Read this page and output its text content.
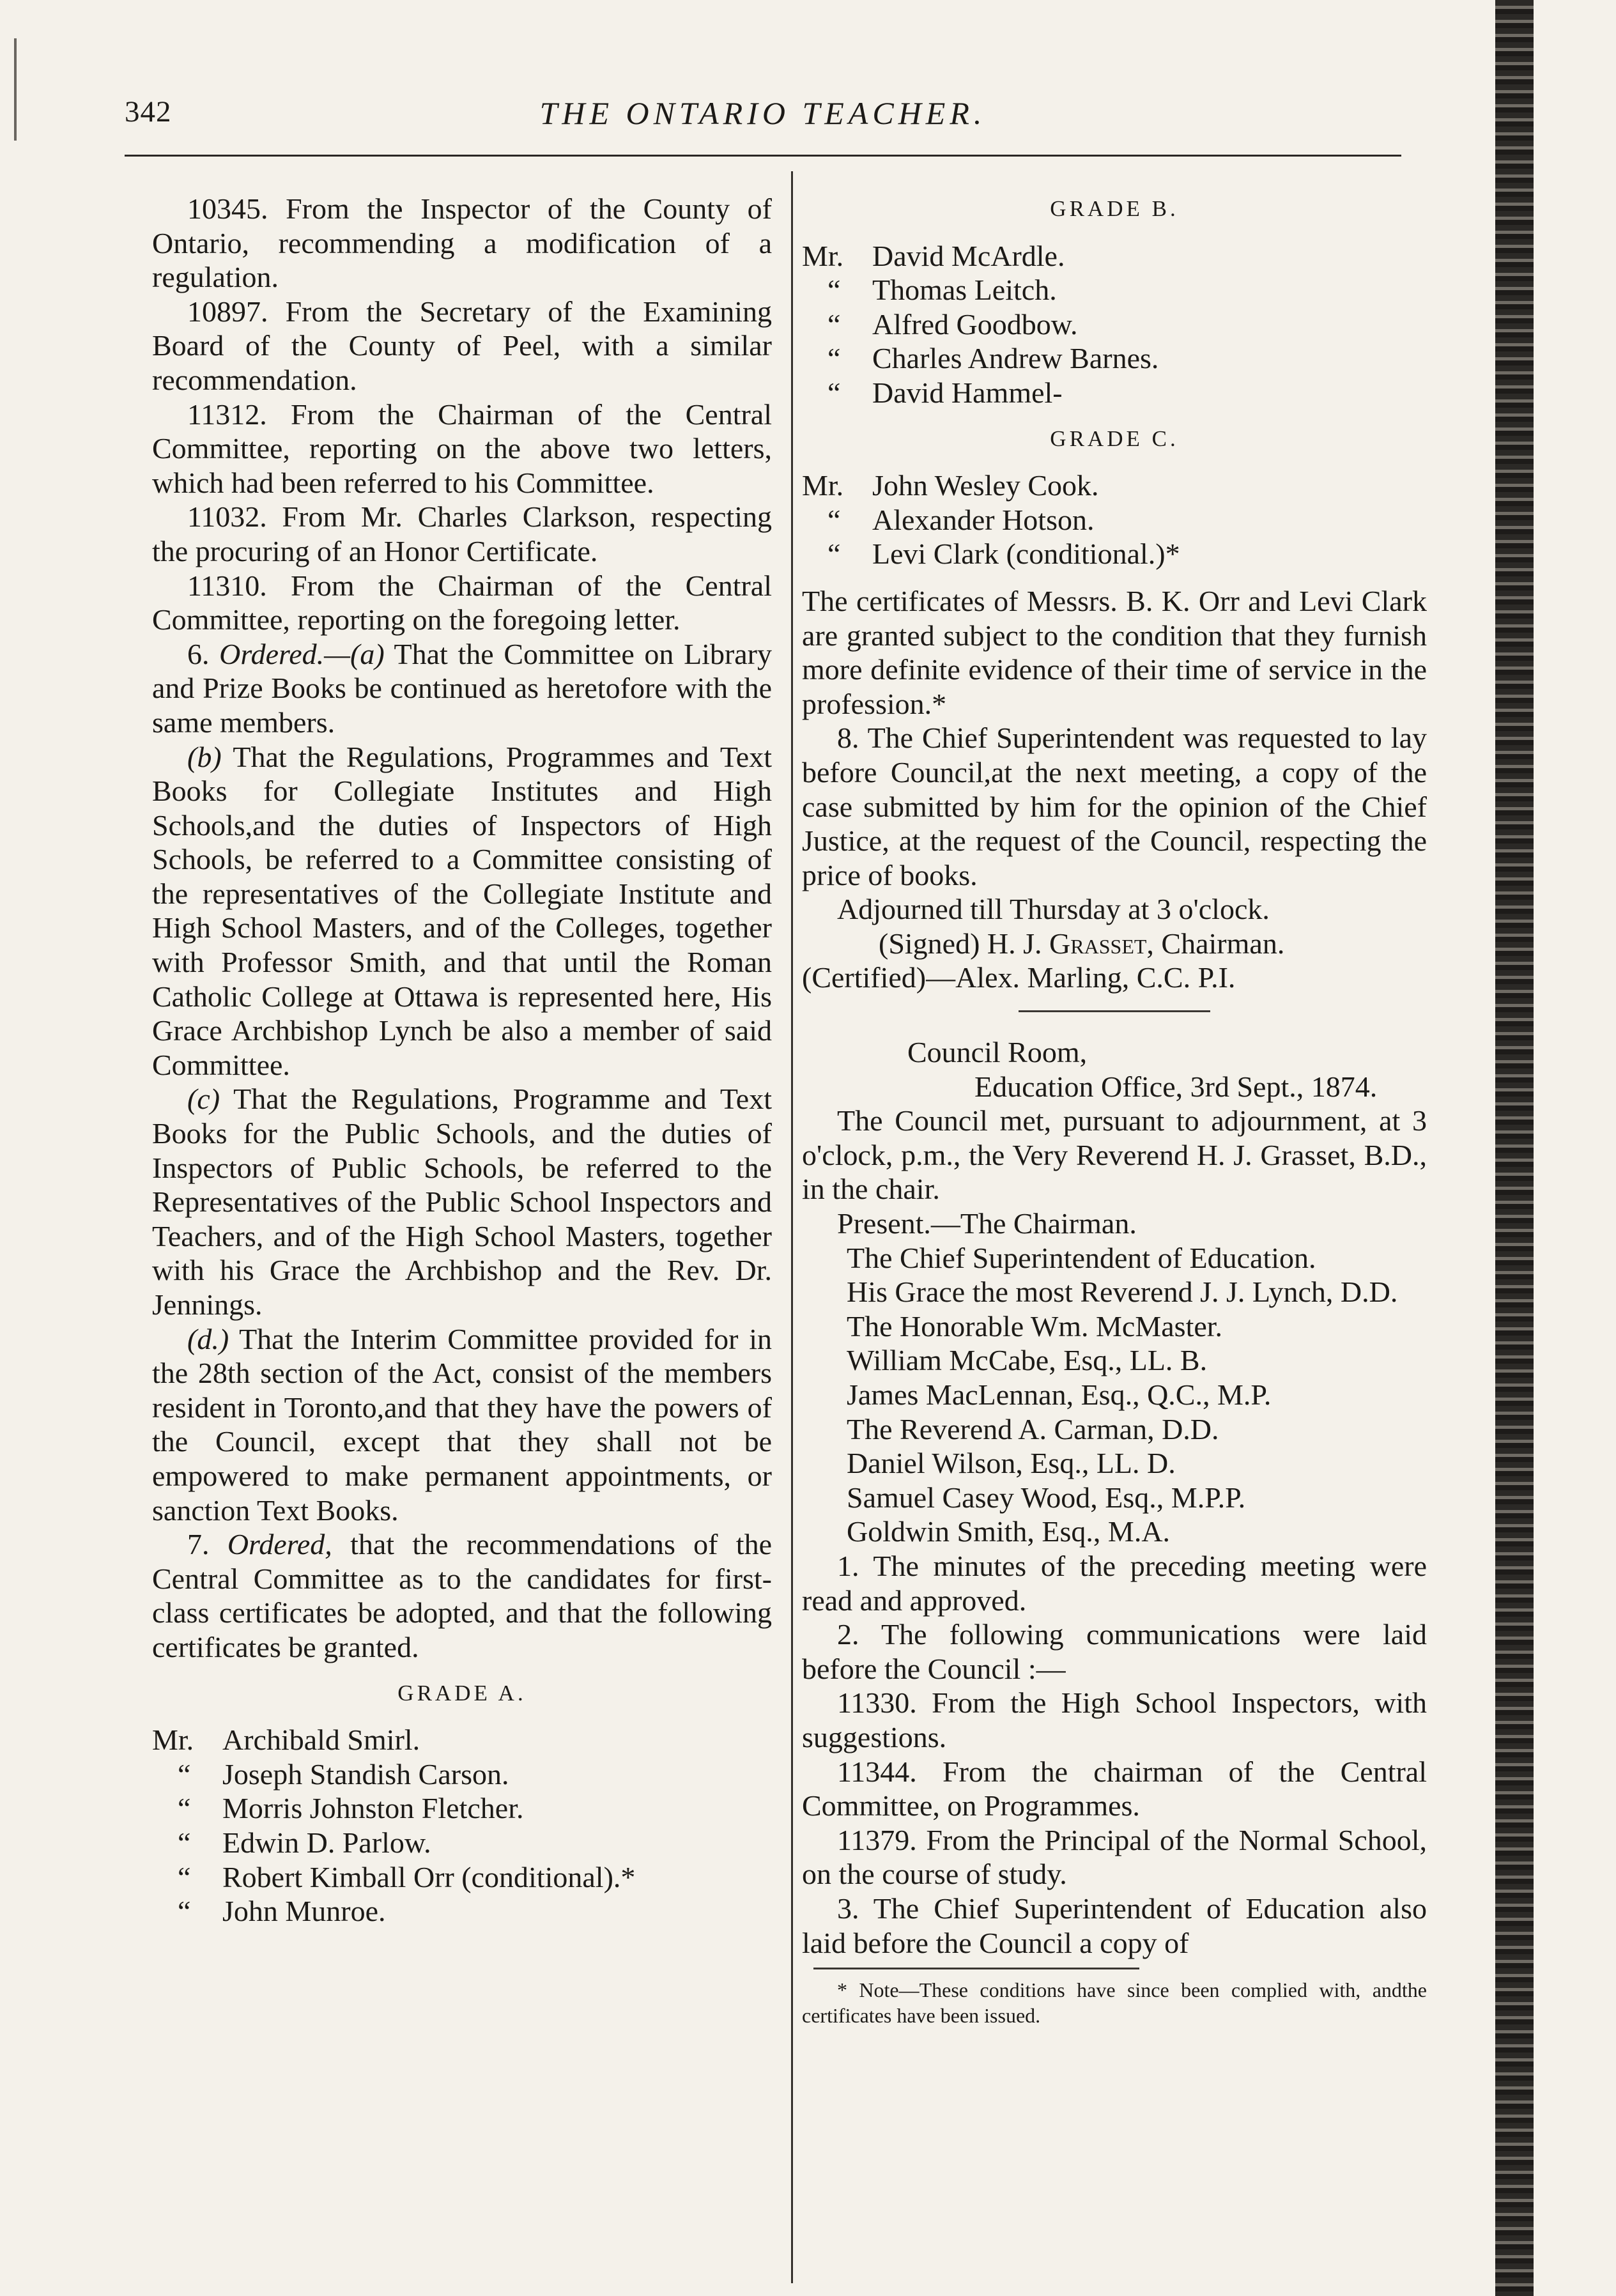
342	THE ONTARIO TEACHER.

10345. From the Inspector of the County of Ontario, recommending a modification of a regulation.

10897. From the Secretary of the Examining Board of the County of Peel, with a similar recommendation.

11312. From the Chairman of the Central Committee, reporting on the above two letters, which had been referred to his Committee.

11032. From Mr. Charles Clarkson, respecting the procuring of an Honor Certificate.

11310. From the Chairman of the Central Committee, reporting on the foregoing letter.

6. Ordered.—(a) That the Committee on Library and Prize Books be continued as heretofore with the same members.

(b) That the Regulations, Programmes and Text Books for Collegiate Institutes and High Schools,and the duties of Inspectors of High Schools, be referred to a Committee consisting of the representatives of the Collegiate Institute and High School Masters, and of the Colleges, together with Professor Smith, and that until the Roman Catholic College at Ottawa is represented here, His Grace Archbishop Lynch be also a member of said Committee.

(c) That the Regulations, Programme and Text Books for the Public Schools, and the duties of Inspectors of Public Schools, be referred to the Representatives of the Public School Inspectors and Teachers, and of the High School Masters, together with his Grace the Archbishop and the Rev. Dr. Jennings.

(d.) That the Interim Committee provided for in the 28th section of the Act, consist of the members resident in Toronto,and that they have the powers of the Council, except that they shall not be empowered to make permanent appointments, or sanction Text Books.

7. Ordered, that the recommendations of the Central Committee as to the candidates for first-class certificates be adopted, and that the following certificates be granted.

GRADE A.
Mr. Archibald Smirl.
“ Joseph Standish Carson.
“ Morris Johnston Fletcher.
“ Edwin D. Parlow.
“ Robert Kimball Orr (conditional).*
“ John Munroe.
GRADE B.
Mr. David McArdle.
“ Thomas Leitch.
“ Alfred Goodbow.
“ Charles Andrew Barnes.
“ David Hammel-
GRADE C.
Mr. John Wesley Cook.
“ Alexander Hotson.
“ Levi Clark (conditional.)*

The certificates of Messrs. B. K. Orr and Levi Clark are granted subject to the condition that they furnish more definite evidence of their time of service in the profession.*

8. The Chief Superintendent was requested to lay before Council,at the next meeting, a copy of the case submitted by him for the opinion of the Chief Justice, at the request of the Council, respecting the price of books.

Adjourned till Thursday at 3 o'clock.

(Signed) H. J. Grasset, Chairman.

(Certified)—Alex. Marling, C.C. P.I.

Council Room,

Education Office, 3rd Sept., 1874.

The Council met, pursuant to adjournment, at 3 o'clock, p.m., the Very Reverend H. J. Grasset, B.D., in the chair.

Present.—The Chairman.

The Chief Superintendent of Education.
His Grace the most Reverend J. J. Lynch, D.D.
The Honorable Wm. McMaster.
William McCabe, Esq., LL. B.
James MacLennan, Esq., Q.C., M.P.
The Reverend A. Carman, D.D.
Daniel Wilson, Esq., LL. D.
Samuel Casey Wood, Esq., M.P.P.
Goldwin Smith, Esq., M.A.

1. The minutes of the preceding meeting were read and approved.

2. The following communications were laid before the Council :—

11330. From the High School Inspectors, with suggestions.

11344. From the chairman of the Central Committee, on Programmes.

11379. From the Principal of the Normal School, on the course of study.

3. The Chief Superintendent of Education also laid before the Council a copy of

* Note—These conditions have since been complied with, andthe certificates have been issued.
